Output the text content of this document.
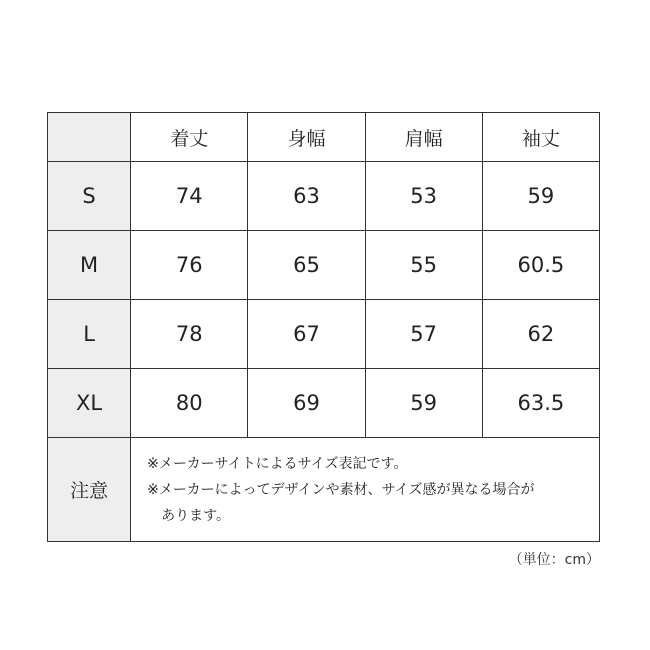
	着丈	身幅	肩幅	袖丈
S	74	63	53	59
M	76	65	55	60.5
L	78	67	57	62
XL	80	69	59	63.5
注意	※メーカーサイトによるサイズ表記です。
※メーカーによってデザインや素材、サイズ感が異なる場合が
あります。			
（単位：cm）
